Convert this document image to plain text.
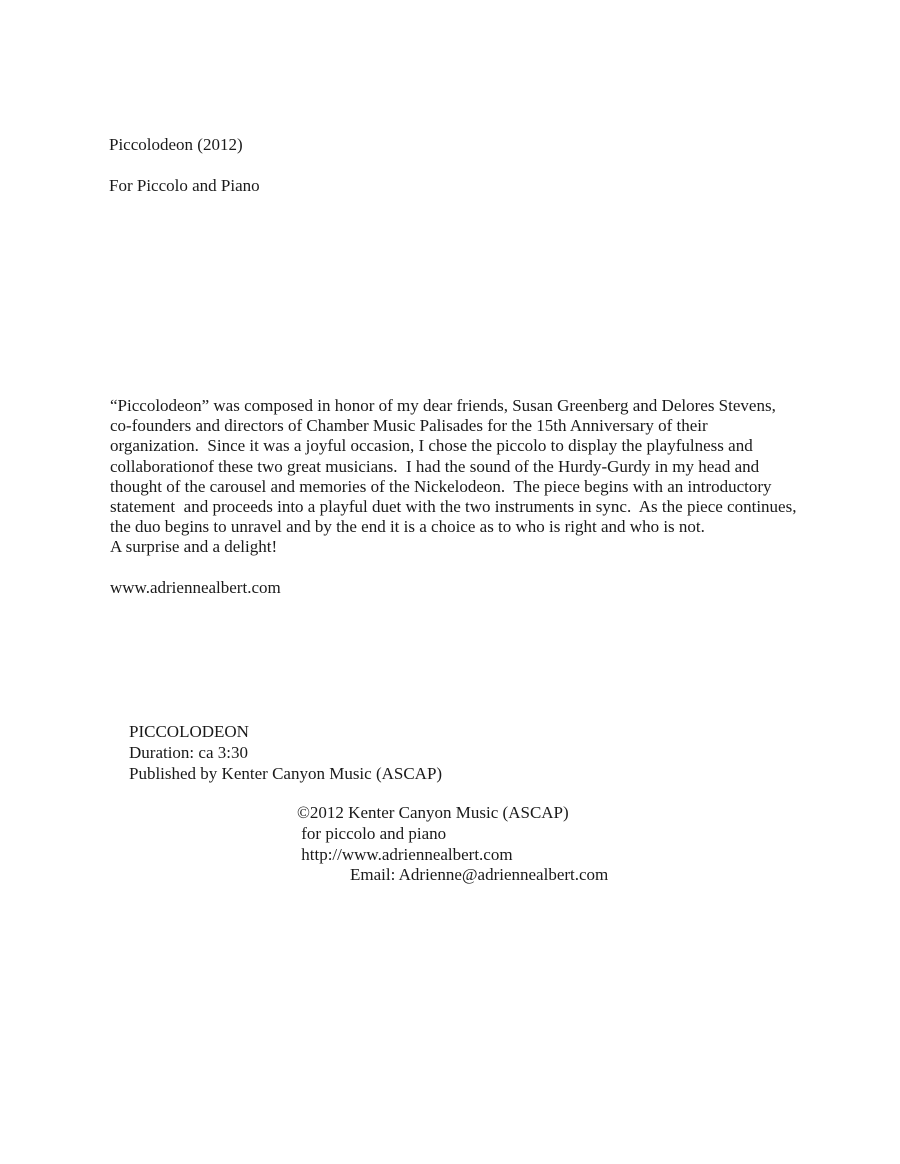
Piccolodeon (2012)

For Piccolo and Piano

“Piccolodeon” was composed in honor of my dear friends, Susan Greenberg and Delores Stevens,
co-founders and directors of Chamber Music Palisades for the 15th Anniversary of their
organization.  Since it was a joyful occasion, I chose the piccolo to display the playfulness and
collaborationof these two great musicians.  I had the sound of the Hurdy-Gurdy in my head and
thought of the carousel and memories of the Nickelodeon.  The piece begins with an introductory
statement  and proceeds into a playful duet with the two instruments in sync.  As the piece continues,
the duo begins to unravel and by the end it is a choice as to who is right and who is not.
A surprise and a delight!

www.adriennealbert.com

PICCOLODEON

Duration: ca 3:30

Published by Kenter Canyon Music (ASCAP)

©2012 Kenter Canyon Music (ASCAP)

for piccolo and piano

http://www.adriennealbert.com

Email: Adrienne@adriennealbert.com
